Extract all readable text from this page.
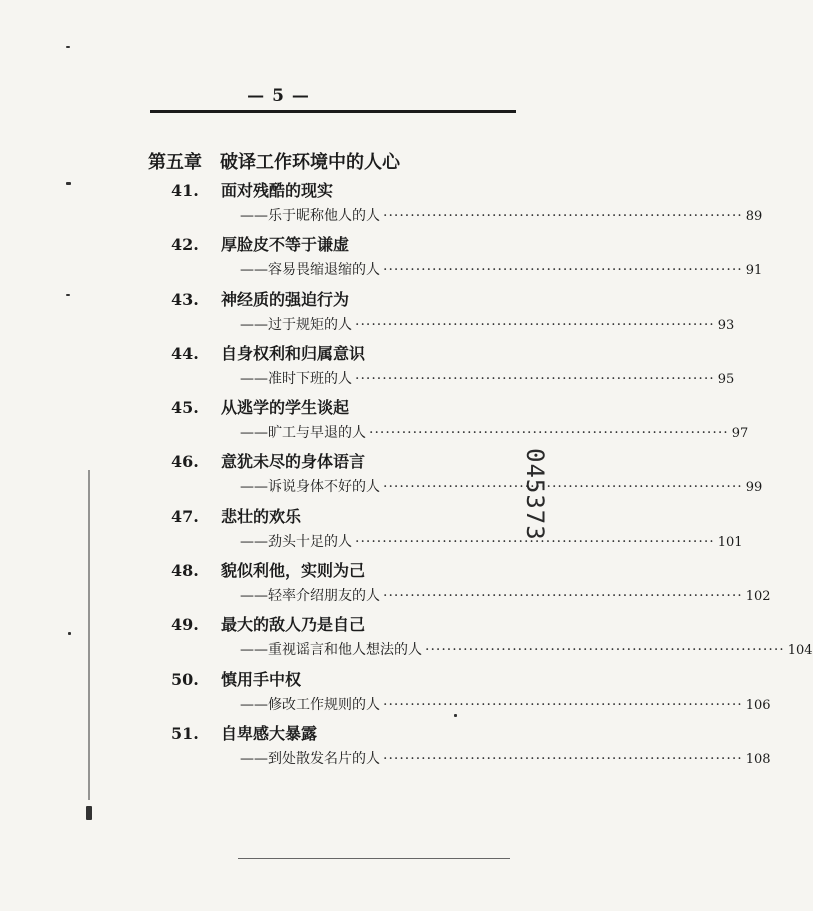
— 5 —
第五章 破译工作环境中的人心
41. 面对残酷的现实
——乐于昵称他人的人 ·································································· 89
42. 厚脸皮不等于谦虚
——容易畏缩退缩的人 ·································································· 91
43. 神经质的强迫行为
——过于规矩的人 ·································································· 93
44. 自身权利和归属意识
——准时下班的人 ·································································· 95
45. 从逃学的学生谈起
——旷工与早退的人 ·································································· 97
46. 意犹未尽的身体语言
——诉说身体不好的人 ·································································· 99
47. 悲壮的欢乐
——劲头十足的人 ·································································· 101
48. 貌似利他，实则为己
——轻率介绍朋友的人 ·································································· 102
49. 最大的敌人乃是自己
——重视谣言和他人想法的人 ·································································· 104
50. 慎用手中权
——修改工作规则的人 ·································································· 106
51. 自卑感大暴露
——到处散发名片的人 ·································································· 108
045373
